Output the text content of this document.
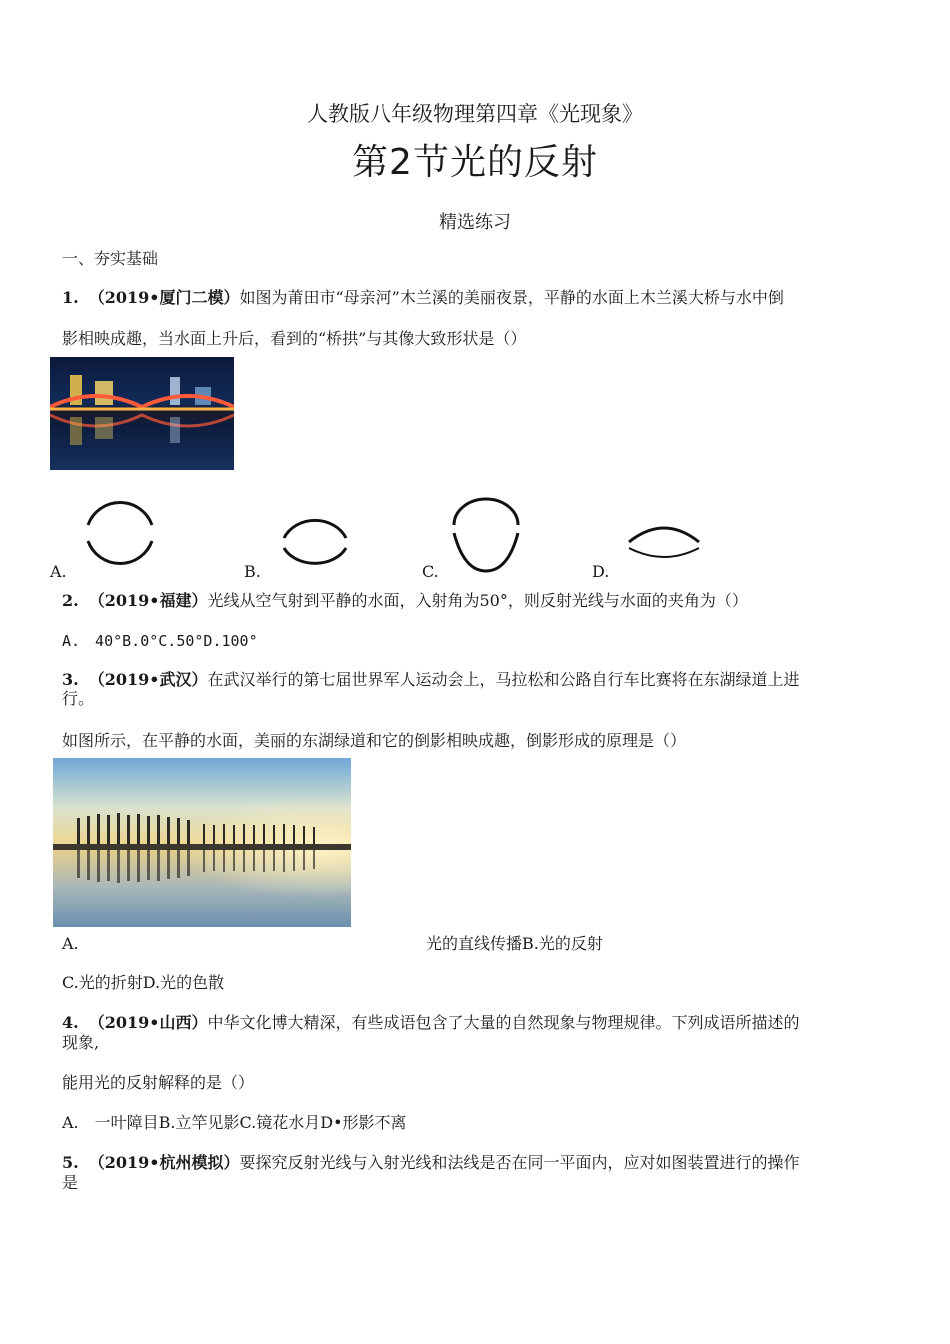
人教版八年级物理第四章《光现象》
第2节光的反射
精选练习
一、夯实基础
1. （2019•厦门二模）如图为莆田市“母亲河”木兰溪的美丽夜景，平静的水面上木兰溪大桥与水中倒
影相映成趣，当水面上升后，看到的“桥拱”与其像大致形状是（）
A.	B.	C.	D.
2. （2019•福建）光线从空气射到平静的水面，入射角为50°，则反射光线与水面的夹角为（）
A.　40°B.0°C.50°D.100°
3. （2019•武汉）在武汉举行的第七届世界军人运动会上，马拉松和公路自行车比赛将在东湖绿道上进
行。
如图所示，在平静的水面，美丽的东湖绿道和它的倒影相映成趣，倒影形成的原理是（）
A.	光的直线传播B.光的反射
C.光的折射D.光的色散
4. （2019•山西）中华文化博大精深，有些成语包含了大量的自然现象与物理规律。下列成语所描述的
现象,
能用光的反射解释的是（）
A.　一叶障目B.立竿见影C.镜花水月D•形影不离
5. （2019•杭州模拟）要探究反射光线与入射光线和法线是否在同一平面内，应对如图装置进行的操作
是
